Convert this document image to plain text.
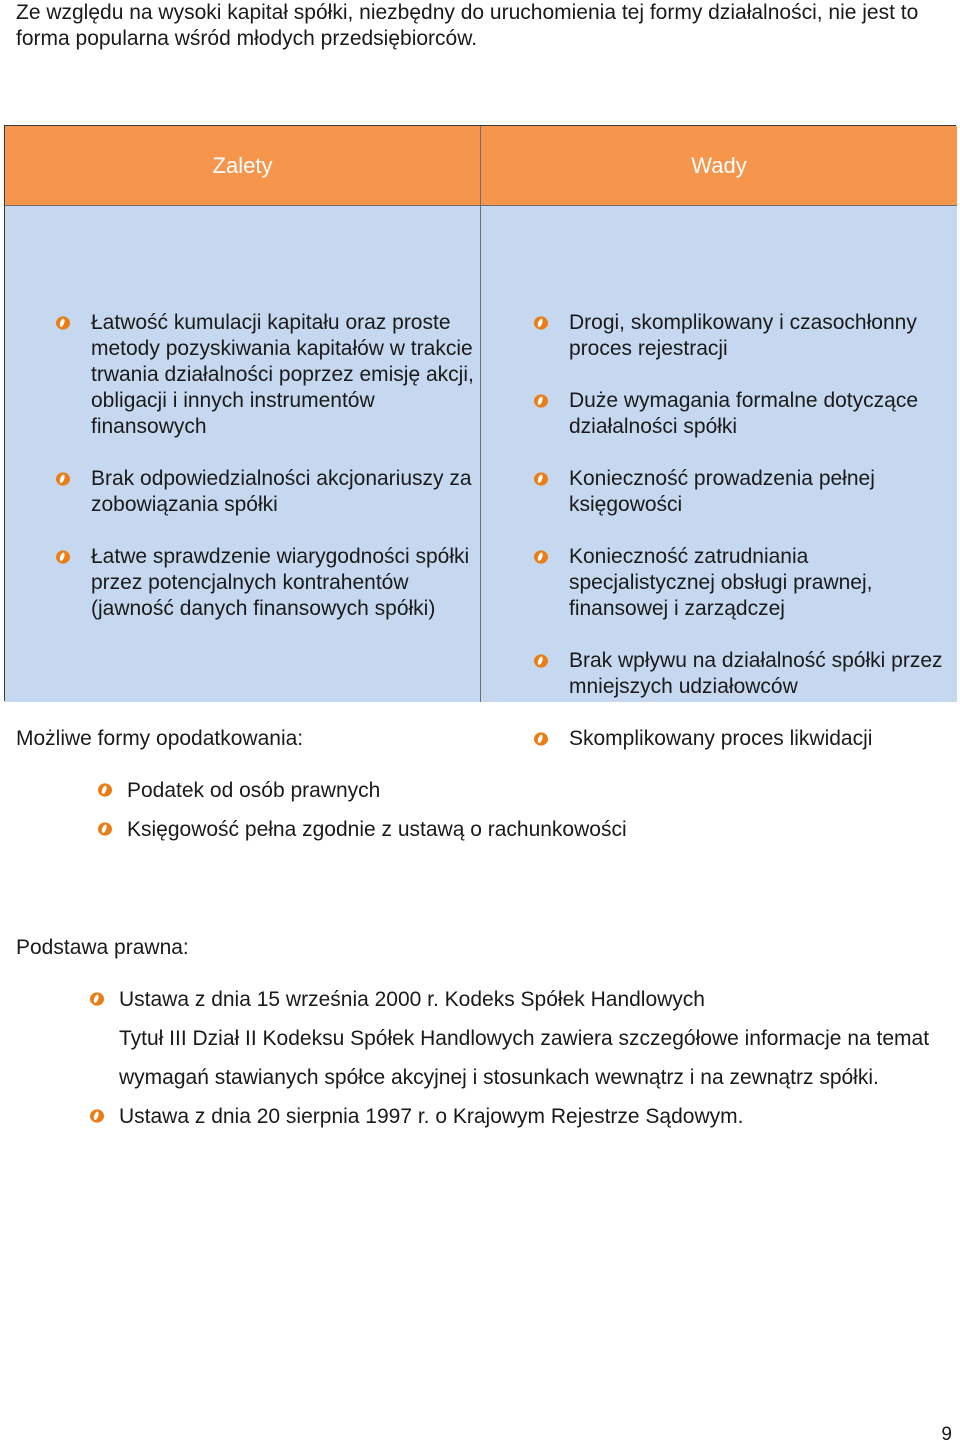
Ze względu na wysoki kapitał spółki, niezbędny do uruchomienia tej formy działalności, nie jest to forma popularna wśród młodych przedsiębiorców.

Zalety	Wady
Łatwość kumulacji kapitału oraz proste metody pozyskiwania kapitałów w trakcie trwania działalności poprzez emisję akcji, obligacji i innych instrumentów finansowych
Brak odpowiedzialności akcjonariuszy za zobowiązania spółki
Łatwe sprawdzenie wiarygodności spółki przez potencjalnych kontrahentów (jawność danych finansowych spółki)
Drogi, skomplikowany i czasochłonny proces rejestracji
Duże wymagania formalne dotyczące działalności spółki
Konieczność prowadzenia pełnej księgowości
Konieczność zatrudniania specjalistycznej obsługi prawnej, finansowej i zarządczej
Brak wpływu na działalność spółki przez mniejszych udziałowców
Skomplikowany proces likwidacji

Możliwe formy opodatkowania:

Podatek od osób prawnych
Księgowość pełna zgodnie z ustawą o rachunkowości

Podstawa prawna:

Ustawa z dnia 15 września 2000 r. Kodeks Spółek Handlowych
Tytuł III Dział II Kodeksu Spółek Handlowych zawiera szczegółowe informacje na temat wymagań stawianych spółce akcyjnej i stosunkach wewnątrz i na zewnątrz spółki.
Ustawa z dnia 20 sierpnia 1997 r. o Krajowym Rejestrze Sądowym.
9
